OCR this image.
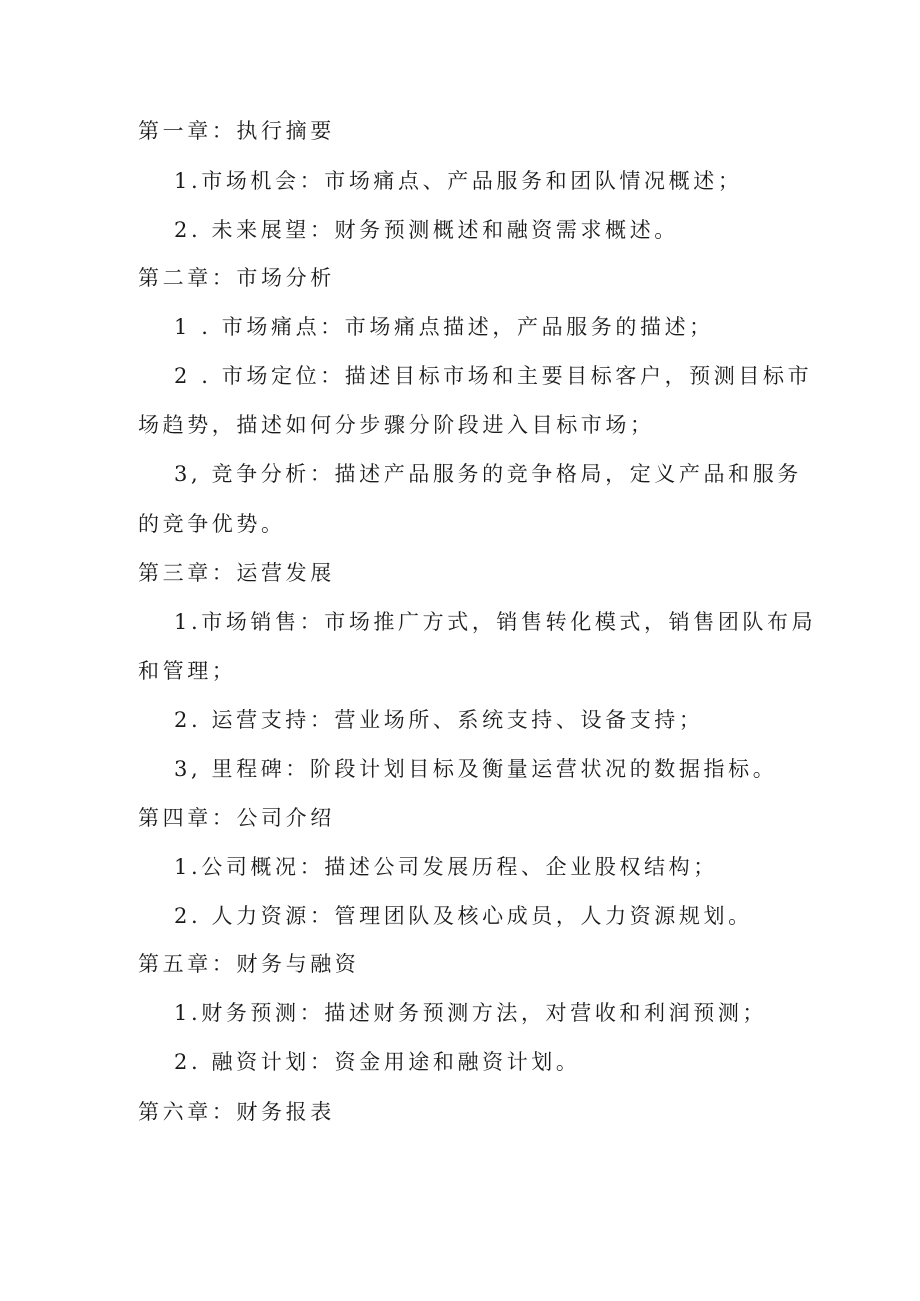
第一章：执行摘要
1.市场机会：市场痛点、产品服务和团队情况概述；
2. 未来展望：财务预测概述和融资需求概述。
第二章：市场分析
1 . 市场痛点：市场痛点描述，产品服务的描述；
2 . 市场定位：描述目标市场和主要目标客户，预测目标市
场趋势，描述如何分步骤分阶段进入目标市场；
3, 竞争分析：描述产品服务的竞争格局，定义产品和服务
的竞争优势。
第三章：运营发展
1.市场销售：市场推广方式，销售转化模式，销售团队布局
和管理；
2. 运营支持：营业场所、系统支持、设备支持；
3, 里程碑：阶段计划目标及衡量运营状况的数据指标。
第四章：公司介绍
1.公司概况：描述公司发展历程、企业股权结构；
2. 人力资源：管理团队及核心成员，人力资源规划。
第五章：财务与融资
1.财务预测：描述财务预测方法，对营收和利润预测；
2. 融资计划：资金用途和融资计划。
第六章：财务报表
